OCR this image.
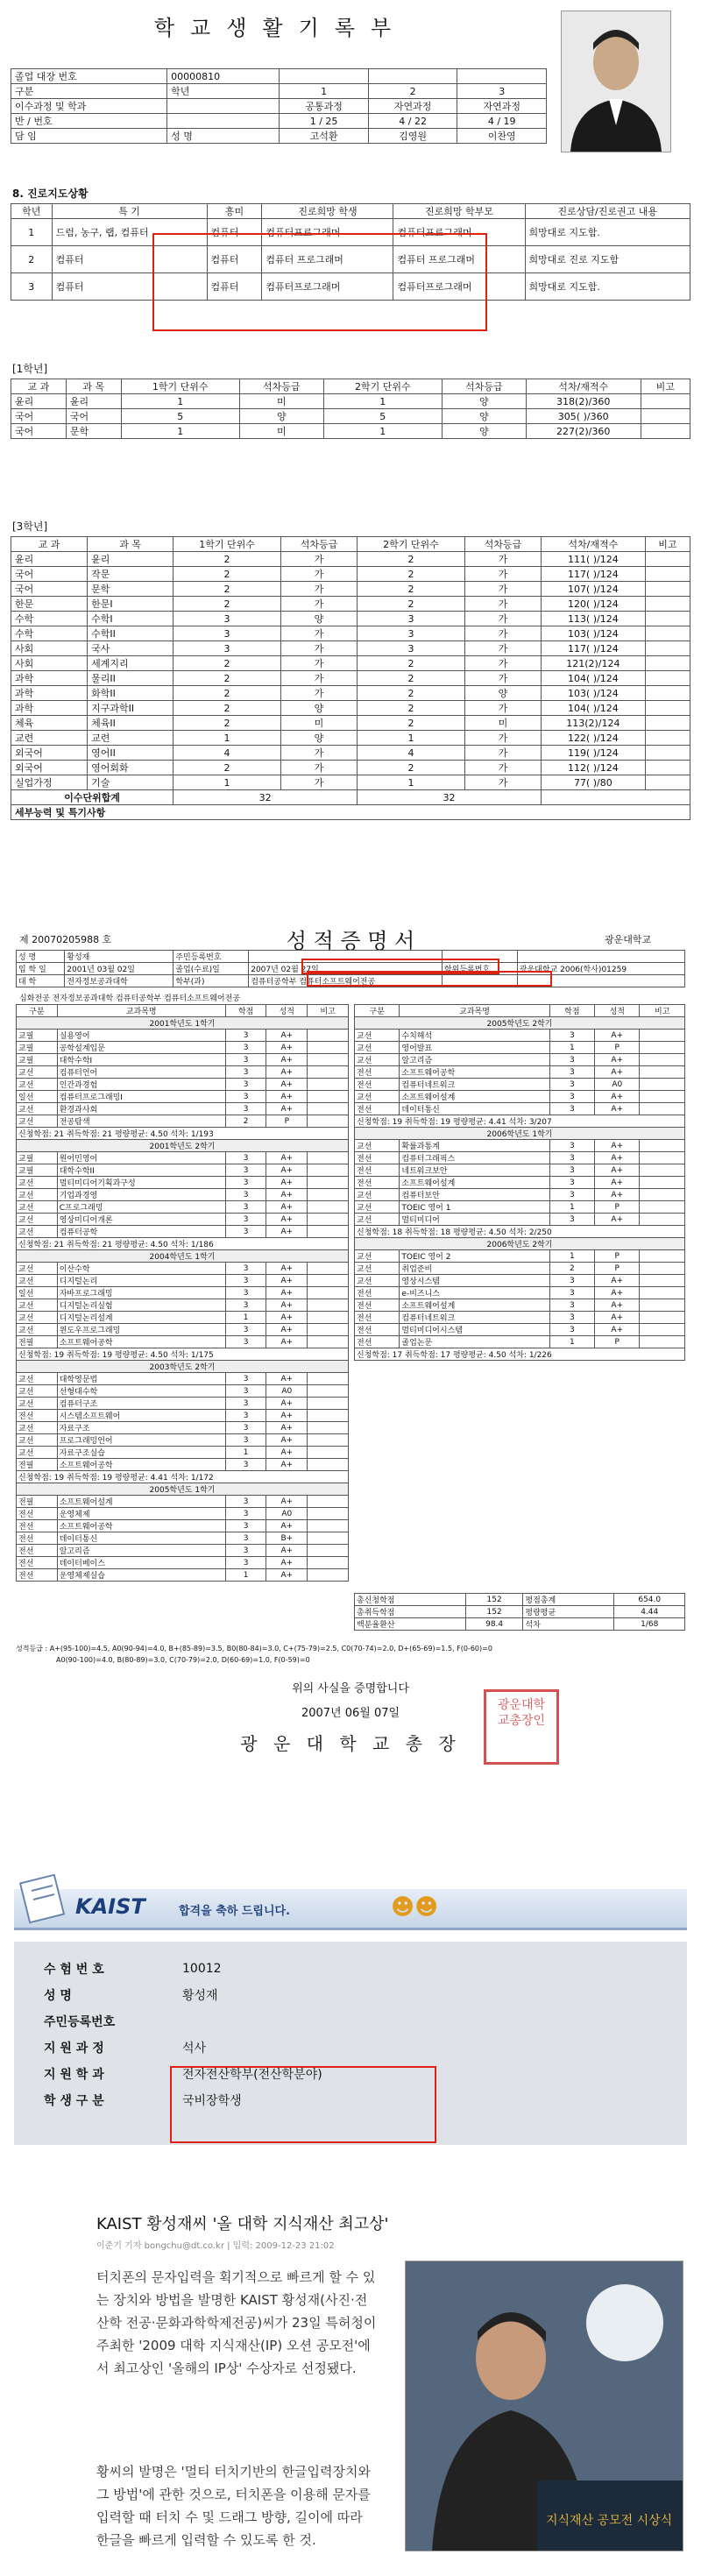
학교생활기록부
졸업 대장 번호	00000810			
구분	학년	1	2	3
이수과정 및 학과		공통과정	자연과정	자연과정
반 / 번호		1 / 25	4 / 22	4 / 19
담 임	성 명	고석환	김영원	이찬영
8. 진로지도상황
학년	특 기	흥미	진로희망 학생	진로희망 학부모	진로상담/진로권고 내용
1	드럼, 농구, 랩, 컴퓨터	컴퓨터	컴퓨터프로그래머	컴퓨터프로그래머	희망대로 지도함.
2	컴퓨터	컴퓨터	컴퓨터 프로그래머	컴퓨터 프로그래머	희망대로 진로 지도함
3	컴퓨터	컴퓨터	컴퓨터프로그래머	컴퓨터프로그래머	희망대로 지도함.
[1학년]
교 과	과 목	1학기 단위수	석차등급	2학기 단위수	석차등급	석차/재적수	비고
윤리	윤리	1	미	1	양	318(2)/360	
국어	국어	5	양	5	양	305( )/360	
국어	문학	1	미	1	양	227(2)/360	
[3학년]
교 과	과 목	1학기 단위수	석차등급	2학기 단위수	석차등급	석차/재적수	비고
윤리	윤리	2	가	2	가	111( )/124	
국어	작문	2	가	2	가	117( )/124	
국어	문학	2	가	2	가	107( )/124	
한문	한문I	2	가	2	가	120( )/124	
수학	수학I	3	양	3	가	113( )/124	
수학	수학II	3	가	3	가	103( )/124	
사회	국사	3	가	3	가	117( )/124	
사회	세계지리	2	가	2	가	121(2)/124	
과학	물리II	2	가	2	가	104( )/124	
과학	화학II	2	가	2	양	103( )/124	
과학	지구과학II	2	양	2	가	104( )/124	
체육	체육II	2	미	2	미	113(2)/124	
교련	교련	1	양	1	가	122( )/124	
외국어	영어II	4	가	4	가	119( )/124	
외국어	영어회화	2	가	2	가	112( )/124	
실업가정	기술	1	가	1	가	77( )/80	
이수단위합계		32		32			
세부능력 및 특기사항							
제 20070205988 호	성 적 증 명 서	광운대학교
성 명	황성재	주민등록번호			
입 학 일	2001년 03월 02일	졸업(수료)일	2007년 02월 27일	학위등록번호	광운대학교 2006(학사)01259
대 학	전자정보공과대학	학부(과)	컴퓨터공학부 컴퓨터소프트웨어전공		
심화전공 전자정보공과대학 컴퓨터공학부 컴퓨터소프트웨어전공
구분	교과목명	학점	성적	비고
2001학년도 1학기				
교필	실용영어	3	A+	
교필	공학설계입문	3	A+	
교필	대학수학I	3	A+	
교선	컴퓨터언어	3	A+	
교선	인간과경험	3	A+	
일선	컴퓨터프로그래밍I	3	A+	
교선	환경과사회	3	A+	
교선	전공탐색	2	P	
신청학점: 21 취득학점: 21 평량평균: 4.50 석차: 1/193				
2001학년도 2학기				
교필	원어민영어	3	A+	
교필	대학수학II	3	A+	
교선	멀티미디어기획과구성	3	A+	
교선	기업과경영	3	A+	
교선	C프로그래밍	3	A+	
교선	영상미디어개론	3	A+	
교선	컴퓨터공학	3	A+	
신청학점: 21 취득학점: 21 평량평균: 4.50 석차: 1/186				
2004학년도 1학기				
교선	이산수학	3	A+	
교선	디지털논리	3	A+	
일선	자바프로그래밍	3	A+	
교선	디지털논리실험	3	A+	
교선	디지털논리설계	1	A+	
교선	윈도우프로그래밍	3	A+	
전필	소프트웨어공학	3	A+	
신청학점: 19 취득학점: 19 평량평균: 4.50 석차: 1/175				
2003학년도 2학기				
교선	대학영문법	3	A+	
교선	선형대수학	3	A0	
교선	컴퓨터구조	3	A+	
전선	시스템소프트웨어	3	A+	
교선	자료구조	3	A+	
교선	프로그래밍언어	3	A+	
교선	자료구조실습	1	A+	
전필	소프트웨어공학	3	A+	
신청학점: 19 취득학점: 19 평량평균: 4.41 석차: 1/172				
2005학년도 1학기				
전필	소프트웨어설계	3	A+	
전선	운영체제	3	A0	
전선	소프트웨어공학	3	A+	
전선	데이터통신	3	B+	
전선	알고리즘	3	A+	
전선	데이터베이스	3	A+	
전선	운영체제실습	1	A+	
구분	교과목명	학점	성적	비고
2005학년도 2학기				
교선	수치해석	3	A+	
교선	영어발표	1	P	
교선	알고리즘	3	A+	
전선	소프트웨어공학	3	A+	
전선	컴퓨터네트워크	3	A0	
교선	소프트웨어설계	3	A+	
전선	데이터통신	3	A+	
신청학점: 19 취득학점: 19 평량평균: 4.41 석차: 3/207				
2006학년도 1학기				
교선	확률과통계	3	A+	
전선	컴퓨터그래픽스	3	A+	
전선	네트워크보안	3	A+	
전선	소프트웨어설계	3	A+	
교선	컴퓨터보안	3	A+	
교선	TOEIC 영어 1	1	P	
교선	멀티미디어	3	A+	
신청학점: 18 취득학점: 18 평량평균: 4.50 석차: 2/250				
2006학년도 2학기				
교선	TOEIC 영어 2	1	P	
교선	취업준비	2	P	
교선	영상시스템	3	A+	
전선	e-비즈니스	3	A+	
전선	소프트웨어설계	3	A+	
전선	컴퓨터네트워크	3	A+	
전선	멀티미디어시스템	3	A+	
전선	졸업논문	1	P	
신청학점: 17 취득학점: 17 평량평균: 4.50 석차: 1/226				
총신청학점	152	평점총계	654.0
총취득학점	152	평량평균	4.44
백분율환산	98.4	석차	1/68
성적등급 : A+(95-100)=4.5, A0(90-94)=4.0, B+(85-89)=3.5, B0(80-84)=3.0, C+(75-79)=2.5, C0(70-74)=2.0, D+(65-69)=1.5, F(0-60)=0
A0(90-100)=4.0, B(80-89)=3.0, C(70-79)=2.0, D(60-69)=1.0, F(0-59)=0
위의 사실을 증명합니다
2007년 06월 07일
광 운 대 학 교 총 장
광운대학교총장인
KAIST	합격을 축하 드립니다.	☻☻
수 험 번 호	10012
성 명	황성재
주민등록번호	
지 원 과 정	석사
지 원 학 과	전자전산학부(전산학분야)
학 생 구 분	국비장학생
KAIST 황성재씨 '올 대학 지식재산 최고상'
이준기 기자 bongchu@dt.co.kr | 입력: 2009-12-23 21:02
터치폰의 문자입력을 획기적으로 빠르게 할 수 있는 장치와 방법을 발명한 KAIST 황성재(사진·전산학 전공·문화과학학제전공)씨가 23일 특허청이 주최한 '2009 대학 지식재산(IP) 오션 공모전'에서 최고상인 '올해의 IP상' 수상자로 선정됐다.
황씨의 발명은 '멀티 터치기반의 한글입력장치와 그 방법'에 관한 것으로, 터치폰을 이용해 문자를 입력할 때 터치 수 및 드래그 방향, 길이에 따라 한글을 빠르게 입력할 수 있도록 한 것.
지식재산 공모전 시상식
